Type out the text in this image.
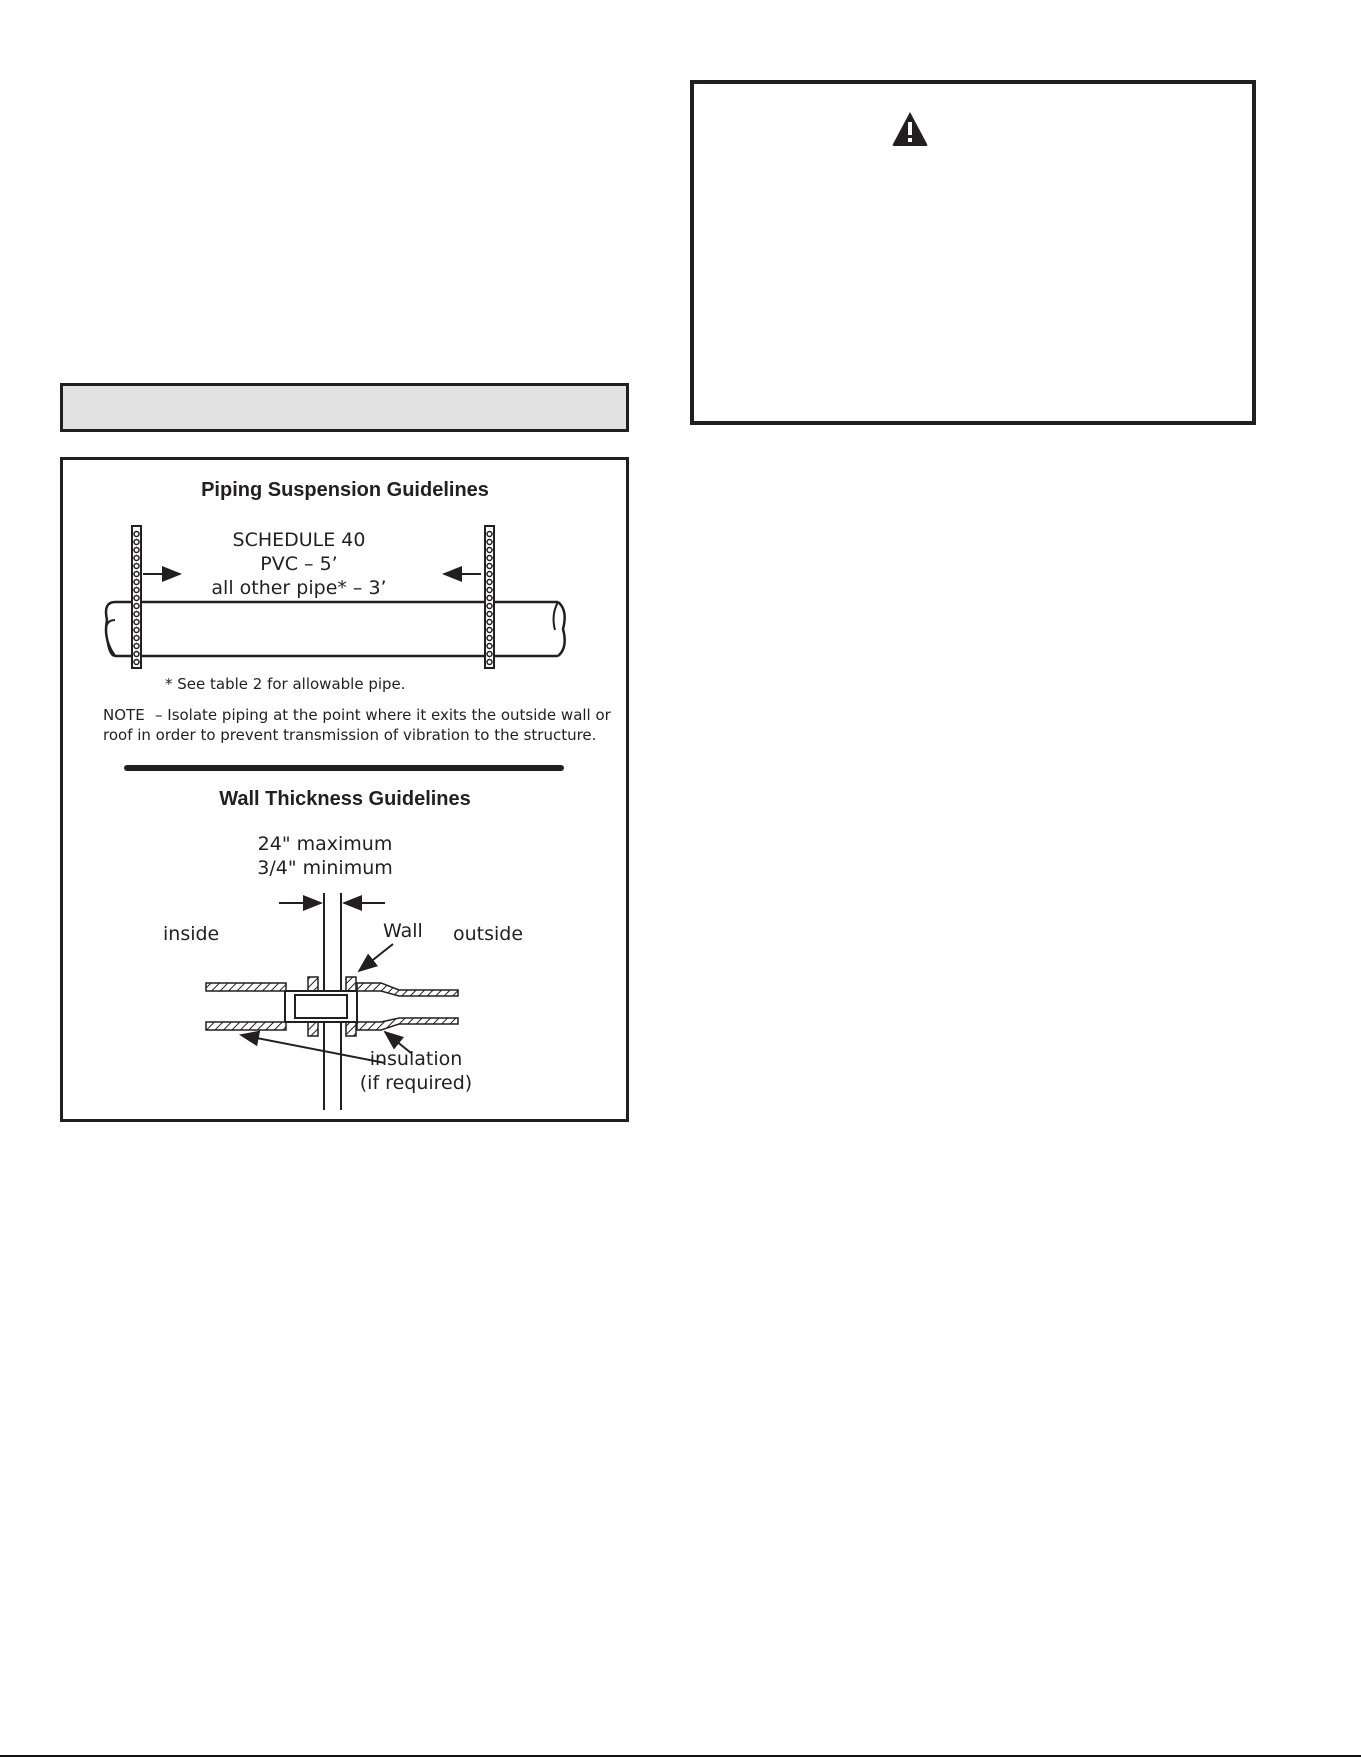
Piping Suspension Guidelines
SCHEDULE 40
PVC – 5’
all other pipe* – 3’
* See table 2 for allowable pipe.
NOTE – Isolate piping at the point where it exits the outside wall or
roof in order to prevent transmission of vibration to the structure.
Wall Thickness Guidelines
24" maximum
3/4" minimum
inside	Wall outside
insulation
(if required)
